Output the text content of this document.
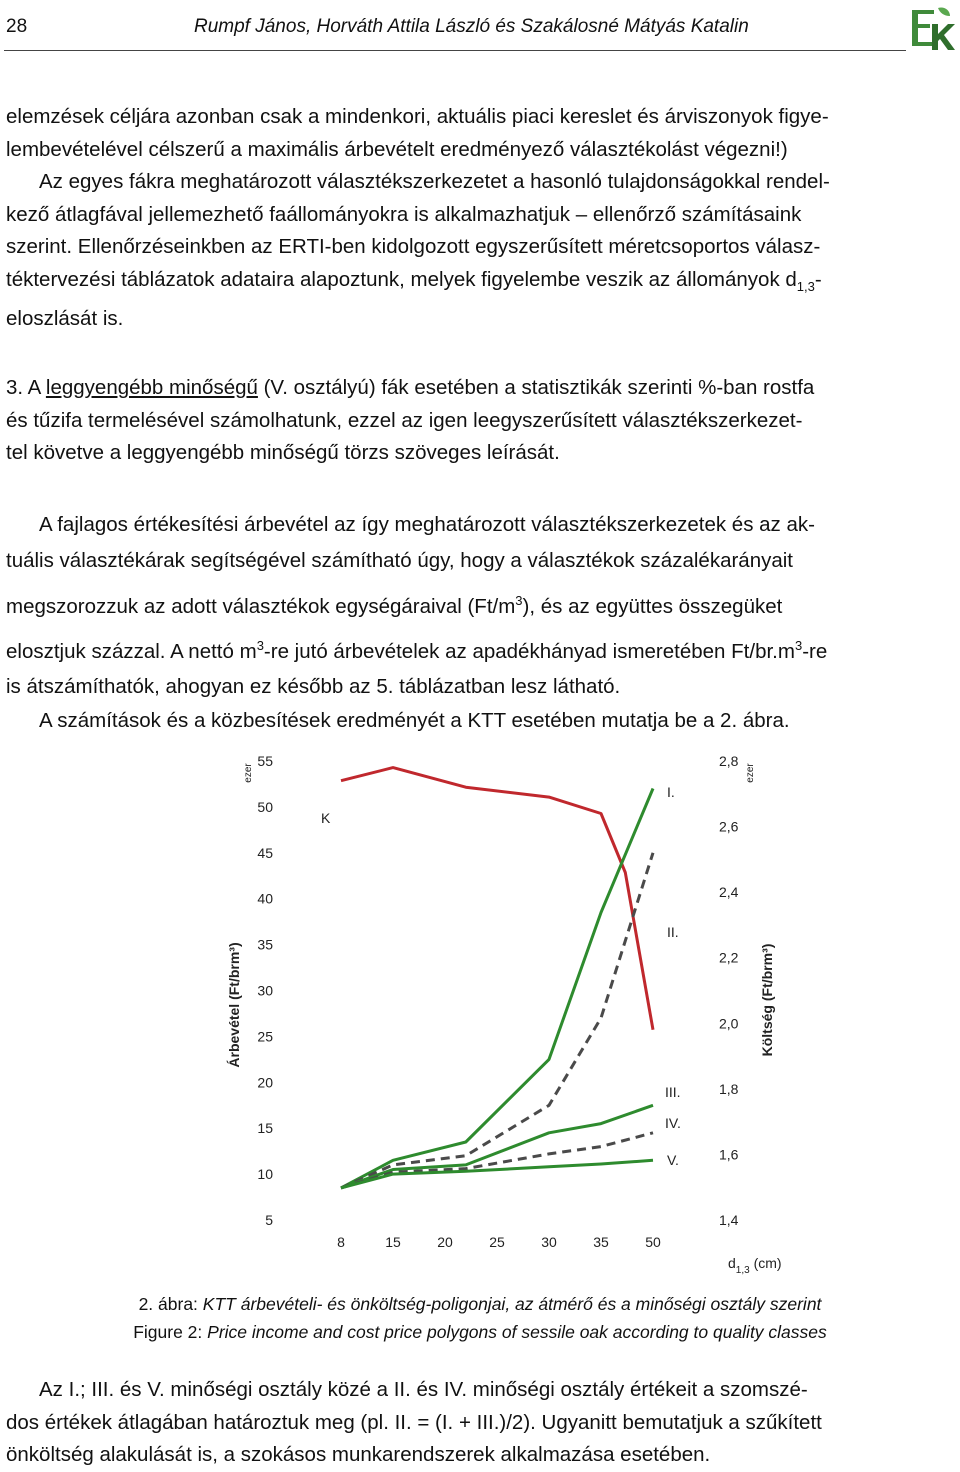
28	Rumpf János, Horváth Attila László és Szakálosné Mátyás Katalin
elemzések céljára azonban csak a mindenkori, aktuális piaci kereslet és árviszonyok figye-
lembevételével célszerű a maximális árbevételt eredményező választékolást végezni!)
Az egyes fákra meghatározott választékszerkezetet a hasonló tulajdonságokkal rendel-
kező átlagfával jellemezhető faállományokra is alkalmazhatjuk – ellenőrző számításaink
szerint. Ellenőrzéseinkben az ERTI-ben kidolgozott egyszerűsített méretcsoportos válasz-
téktervezési táblázatok adataira alapoztunk, melyek figyelembe veszik az állományok $d_{1,3}-$
eloszlását is.
3. A leggyengébb minőségű (V. osztályú) fák esetében a statisztikák szerinti %-ban rostfa
és tűzifa termelésével számolhatunk, ezzel az igen leegyszerűsített választékszerkezet-
tel követve a leggyengébb minőségű törzs szöveges leírását.
A fajlagos értékesítési árbevétel az így meghatározott választékszerkezetek és az ak-
tuális választékárak segítségével számítható úgy, hogy a választékok százalékarányait
megszorozzuk az adott választékok egységáraival $(Ft/m^3)$, és az együttes összegüket
elosztjuk százzal. A nettó $m^3-re$ jutó árbevételek az apadékhányad ismeretében $Ft/br.m^3-re$
is átszámíthatók, ahogyan ez később az 5. táblázatban lesz látható.
A számítások és a közbesítések eredményét a KTT esetében mutatja be a 2. ábra.
55
50
45
40
35
30
25
20
15
10
5
2,8
2,6
2,4
2,2
2,0
1,8
1,6
1,4
8	15	20	25	30	35	50
K
I.
II.
III.
IV.
V.
Árbevétel (Ft/brm³)
ezer
Költség (Ft/brm³)
ezer
$d_{1,3}$ (cm)
2. ábra: KTT árbevételi- és önköltség-poligonjai, az átmérő és a minőségi osztály szerint
Figure 2: Price income and cost price polygons of sessile oak according to quality classes
Az I.; III. és V. minőségi osztály közé a II. és IV. minőségi osztály értékeit a szomszé-
dos értékek átlagában határoztuk meg (pl. II. = (I. + III.)/2). Ugyanitt bemutatjuk a szűkített
önköltség alakulását is, a szokásos munkarendszerek alkalmazása esetében.
